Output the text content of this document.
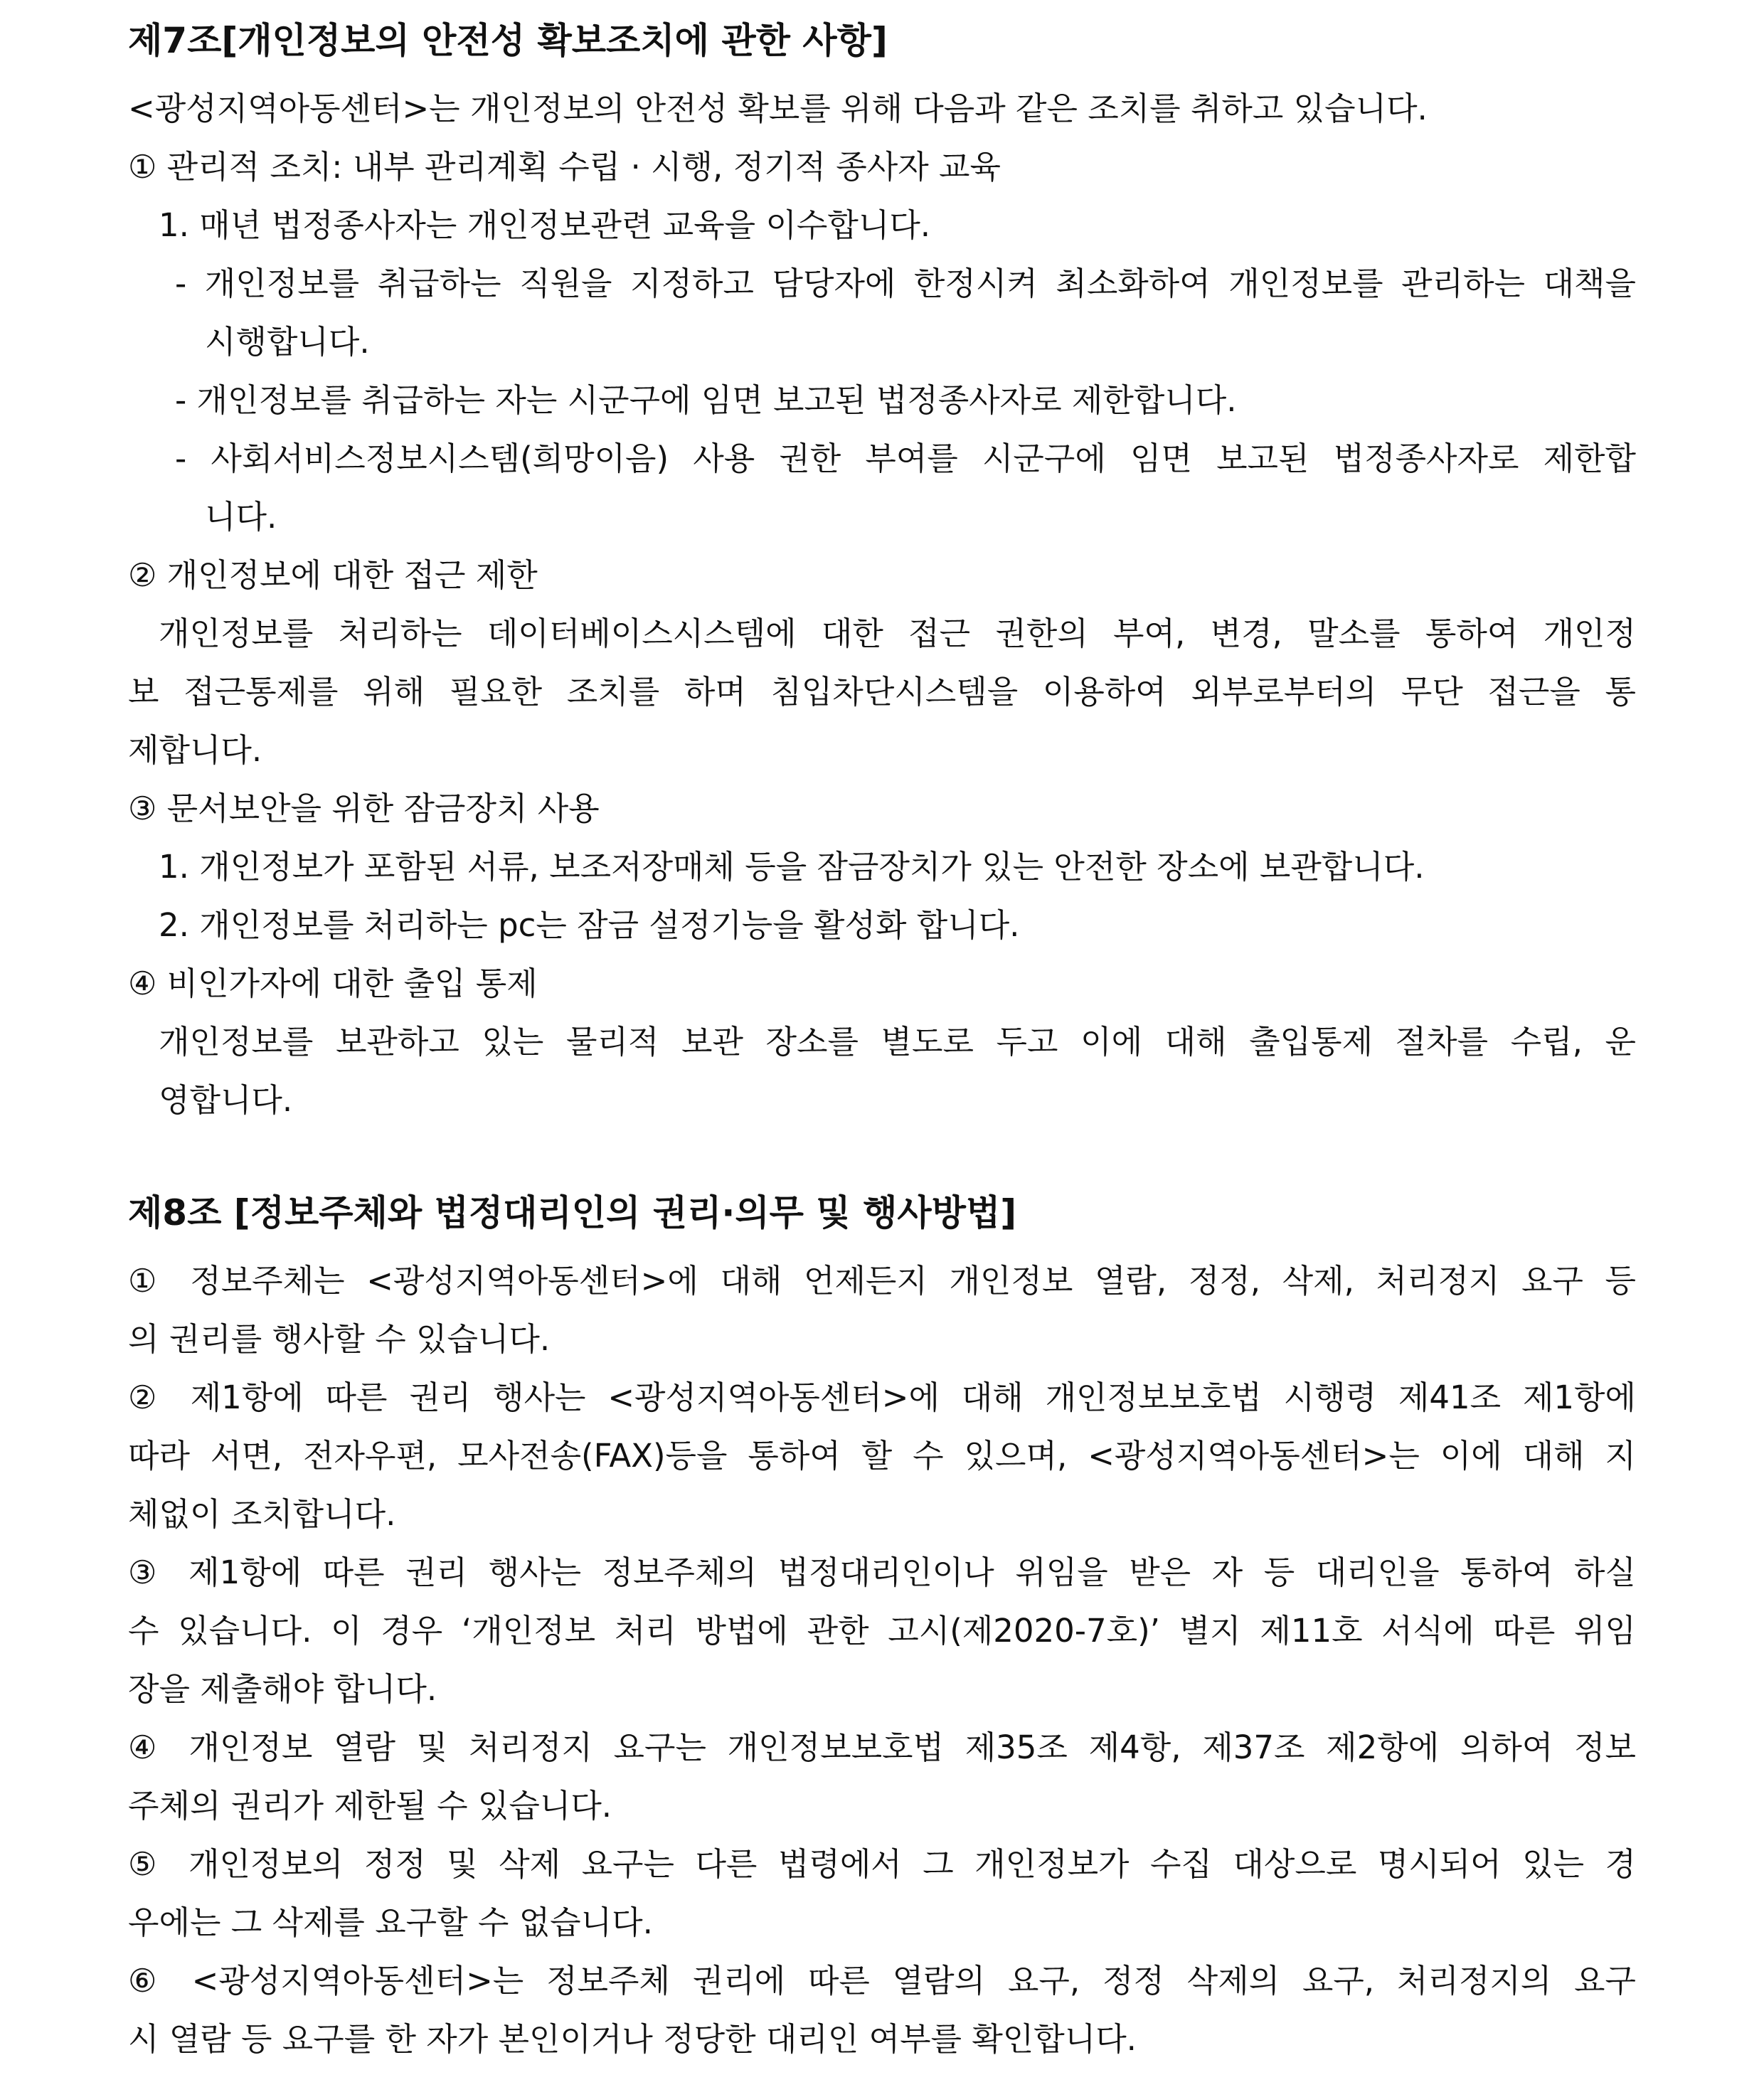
제7조[개인정보의 안전성 확보조치에 관한 사항]
<광성지역아동센터>는 개인정보의 안전성 확보를 위해 다음과 같은 조치를 취하고 있습니다.
① 관리적 조치: 내부 관리계획 수립 · 시행, 정기적 종사자 교육
1. 매년 법정종사자는 개인정보관련 교육을 이수합니다.
- 개인정보를 취급하는 직원을 지정하고 담당자에 한정시켜 최소화하여 개인정보를 관리하는 대책을
시행합니다.
- 개인정보를 취급하는 자는 시군구에 임면 보고된 법정종사자로 제한합니다.
- 사회서비스정보시스템(희망이음) 사용 권한 부여를 시군구에 임면 보고된 법정종사자로 제한합
니다.
② 개인정보에 대한 접근 제한
개인정보를 처리하는 데이터베이스시스템에 대한 접근 권한의 부여, 변경, 말소를 통하여 개인정
보 접근통제를 위해 필요한 조치를 하며 침입차단시스템을 이용하여 외부로부터의 무단 접근을 통
제합니다.
③ 문서보안을 위한 잠금장치 사용
1. 개인정보가 포함된 서류, 보조저장매체 등을 잠금장치가 있는 안전한 장소에 보관합니다.
2. 개인정보를 처리하는 pc는 잠금 설정기능을 활성화 합니다.
④ 비인가자에 대한 출입 통제
개인정보를 보관하고 있는 물리적 보관 장소를 별도로 두고 이에 대해 출입통제 절차를 수립, 운
영합니다.
제8조 [정보주체와 법정대리인의 권리·의무 및 행사방법]
① 정보주체는 <광성지역아동센터>에 대해 언제든지 개인정보 열람, 정정, 삭제, 처리정지 요구 등
의 권리를 행사할 수 있습니다.
② 제1항에 따른 권리 행사는 <광성지역아동센터>에 대해 개인정보보호법 시행령 제41조 제1항에
따라 서면, 전자우편, 모사전송(FAX)등을 통하여 할 수 있으며, <광성지역아동센터>는 이에 대해 지
체없이 조치합니다.
③ 제1항에 따른 권리 행사는 정보주체의 법정대리인이나 위임을 받은 자 등 대리인을 통하여 하실
수 있습니다. 이 경우 ‘개인정보 처리 방법에 관한 고시(제2020-7호)’ 별지 제11호 서식에 따른 위임
장을 제출해야 합니다.
④ 개인정보 열람 및 처리정지 요구는 개인정보보호법 제35조 제4항, 제37조 제2항에 의하여 정보
주체의 권리가 제한될 수 있습니다.
⑤ 개인정보의 정정 및 삭제 요구는 다른 법령에서 그 개인정보가 수집 대상으로 명시되어 있는 경
우에는 그 삭제를 요구할 수 없습니다.
⑥ <광성지역아동센터>는 정보주체 권리에 따른 열람의 요구, 정정 삭제의 요구, 처리정지의 요구
시 열람 등 요구를 한 자가 본인이거나 정당한 대리인 여부를 확인합니다.
